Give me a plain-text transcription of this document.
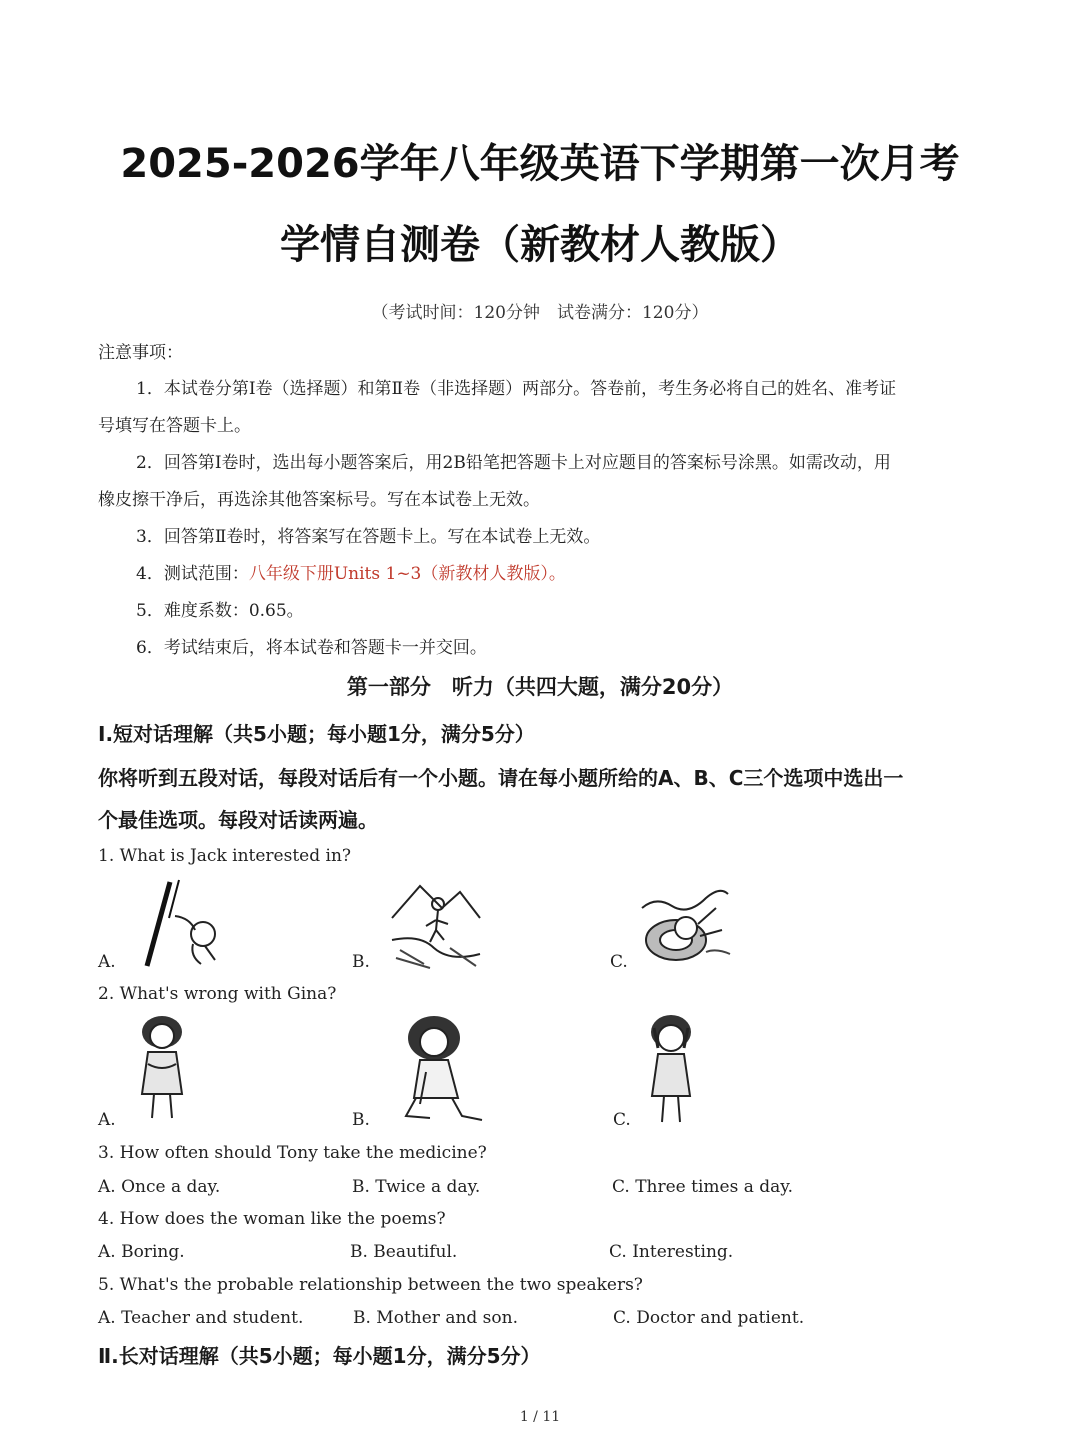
2025-2026学年八年级英语下学期第一次月考
学情自测卷（新教材人教版）
（考试时间：120分钟　试卷满分：120分）
注意事项：
1．本试卷分第Ⅰ卷（选择题）和第Ⅱ卷（非选择题）两部分。答卷前，考生务必将自己的姓名、准考证
号填写在答题卡上。
2．回答第Ⅰ卷时，选出每小题答案后，用2B铅笔把答题卡上对应题目的答案标号涂黑。如需改动，用
橡皮擦干净后，再选涂其他答案标号。写在本试卷上无效。
3．回答第Ⅱ卷时，将答案写在答题卡上。写在本试卷上无效。
4．测试范围：八年级下册Units 1~3（新教材人教版）。
5．难度系数：0.65。
6．考试结束后，将本试卷和答题卡一并交回。
第一部分　听力（共四大题，满分20分）
Ⅰ.短对话理解（共5小题；每小题1分，满分5分）
你将听到五段对话，每段对话后有一个小题。请在每小题所给的A、B、C三个选项中选出一
个最佳选项。每段对话读两遍。
1. What is Jack interested in?
A.	B.	C.
2. What's wrong with Gina?
A.	B.	C.
3. How often should Tony take the medicine?
A. Once a day.	B. Twice a day.	C. Three times a day.
4. How does the woman like the poems?
A. Boring.	B. Beautiful.	C. Interesting.
5. What's the probable relationship between the two speakers?
A. Teacher and student.	B. Mother and son.	C. Doctor and patient.
Ⅱ.长对话理解（共5小题；每小题1分，满分5分）
1 / 11
